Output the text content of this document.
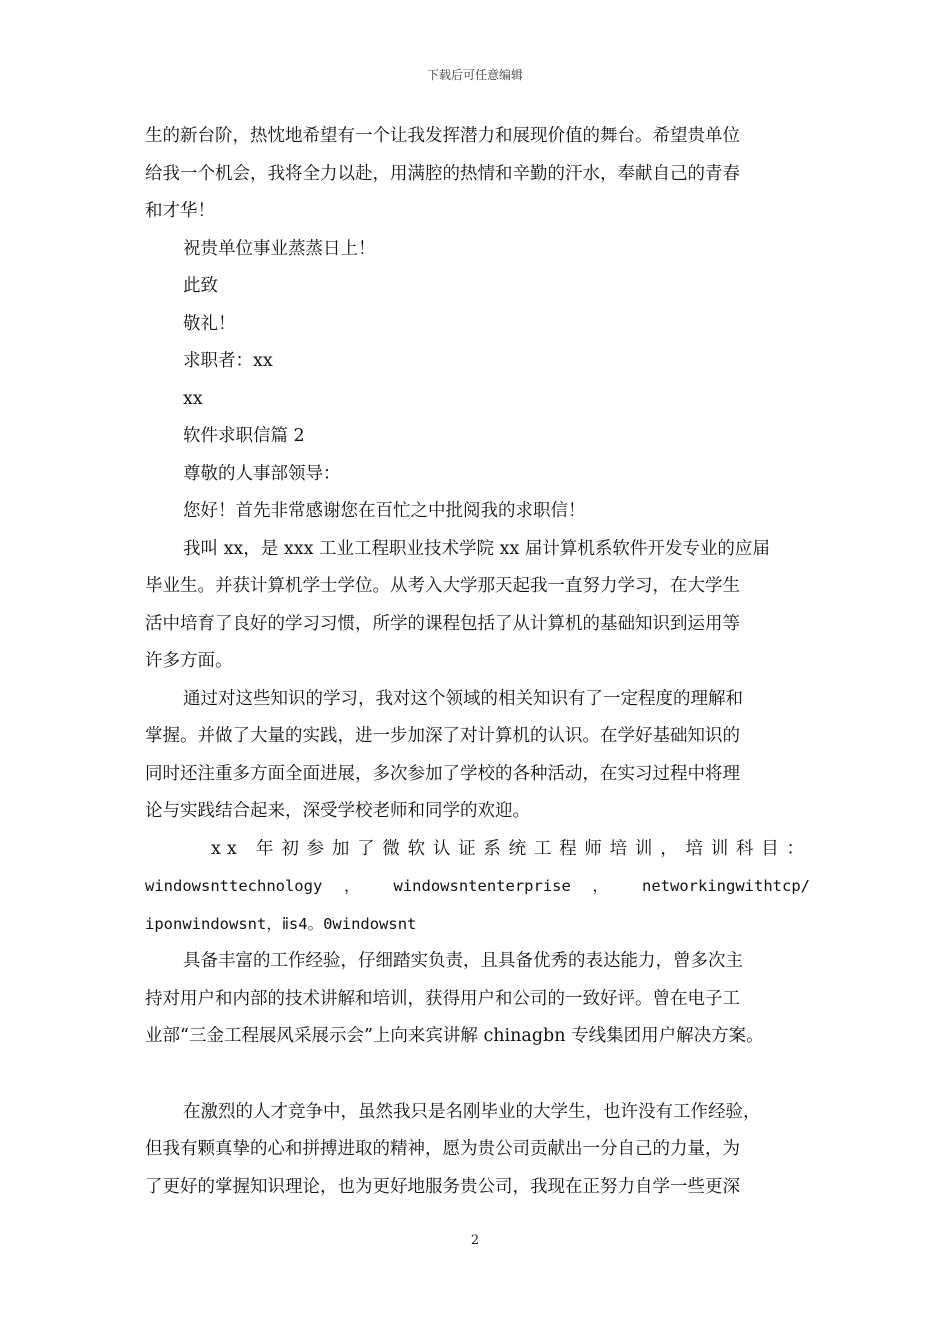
下载后可任意编辑

生的新台阶，热忱地希望有一个让我发挥潜力和展现价值的舞台。希望贵单位

给我一个机会，我将全力以赴，用满腔的热情和辛勤的汗水，奉献自己的青春

和才华！

祝贵单位事业蒸蒸日上！

此致

敬礼！

求职者：xx

xx

软件求职信篇 2

尊敬的人事部领导：

您好！首先非常感谢您在百忙之中批阅我的求职信！

我叫 xx，是 xxx 工业工程职业技术学院 xx 届计算机系软件开发专业的应届

毕业生。并获计算机学士学位。从考入大学那天起我一直努力学习，在大学生

活中培育了良好的学习习惯，所学的课程包括了从计算机的基础知识到运用等

许多方面。

通过对这些知识的学习，我对这个领域的相关知识有了一定程度的理解和

掌握。并做了大量的实践，进一步加深了对计算机的认识。在学好基础知识的

同时还注重多方面全面进展，多次参加了学校的各种活动，在实习过程中将理

论与实践结合起来，深受学校老师和同学的欢迎。

xx 年初参加了微软认证系统工程师培训，培训科目：

windowsnttechnology ， windowsntenterprise ， networkingwithtcp/

iponwindowsnt，ⅱs4。0windowsnt

具备丰富的工作经验，仔细踏实负责，且具备优秀的表达能力，曾多次主

持对用户和内部的技术讲解和培训，获得用户和公司的一致好评。曾在电子工

业部“三金工程展风采展示会”上向来宾讲解 chinagbn 专线集团用户解决方案。

在激烈的人才竞争中，虽然我只是名刚毕业的大学生，也许没有工作经验，

但我有颗真挚的心和拼搏进取的精神，愿为贵公司贡献出一分自己的力量，为

了更好的掌握知识理论，也为更好地服务贵公司，我现在正努力自学一些更深

2
